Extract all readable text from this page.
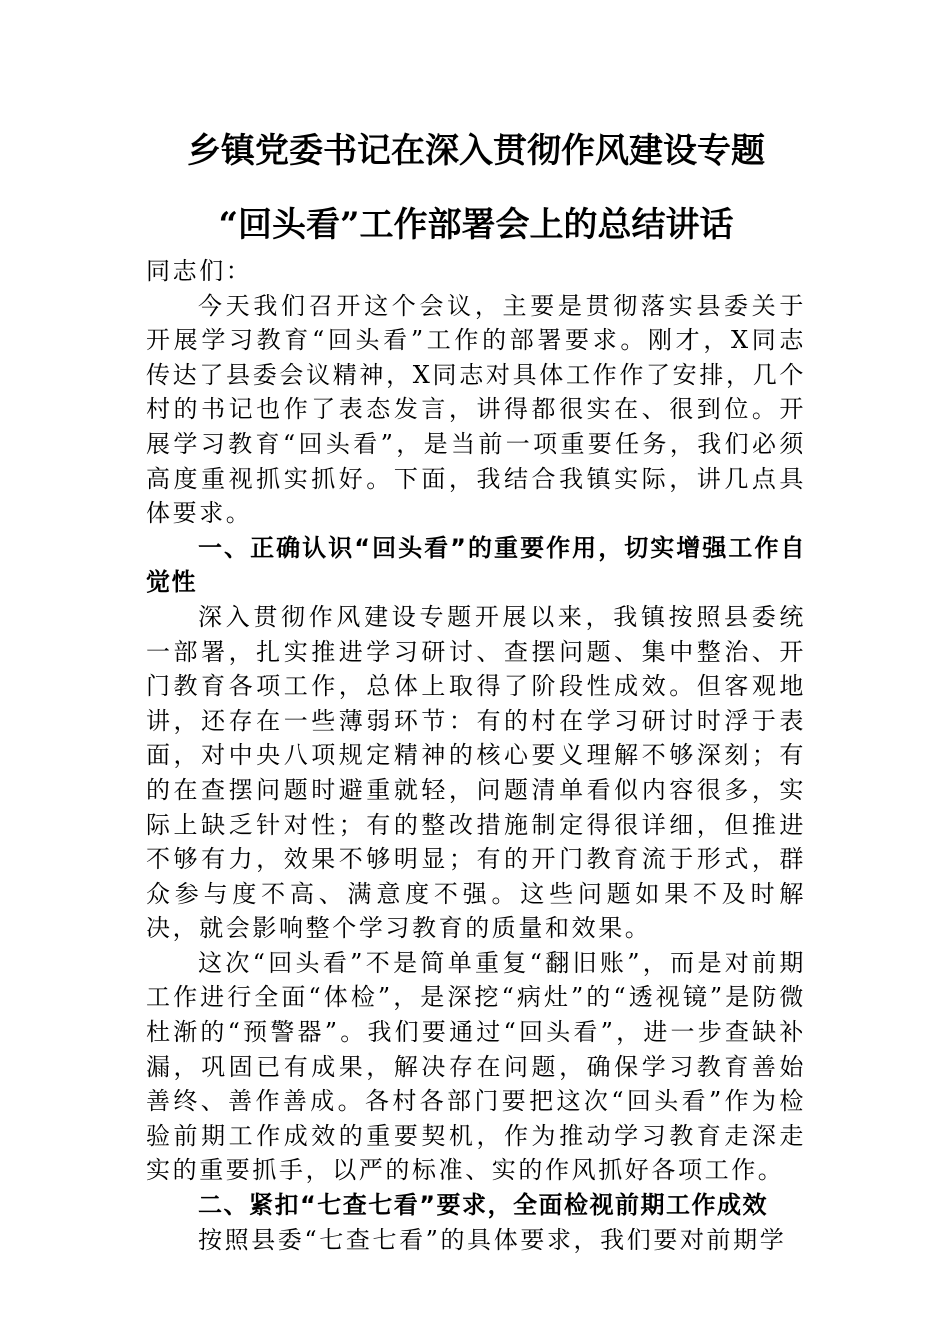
乡镇党委书记在深入贯彻作风建设专题
“回头看”工作部署会上的总结讲话
同志们：

今天我们召开这个会议，主要是贯彻落实县委关于开展学习教育“回头看”工作的部署要求。刚才，X同志传达了县委会议精神，X同志对具体工作作了安排，几个村的书记也作了表态发言，讲得都很实在、很到位。开展学习教育“回头看”，是当前一项重要任务，我们必须高度重视抓实抓好。下面，我结合我镇实际，讲几点具体要求。

一、正确认识“回头看”的重要作用，切实增强工作自觉性

深入贯彻作风建设专题开展以来，我镇按照县委统一部署，扎实推进学习研讨、查摆问题、集中整治、开门教育各项工作，总体上取得了阶段性成效。但客观地讲，还存在一些薄弱环节：有的村在学习研讨时浮于表面，对中央八项规定精神的核心要义理解不够深刻；有的在查摆问题时避重就轻，问题清单看似内容很多，实际上缺乏针对性；有的整改措施制定得很详细，但推进不够有力，效果不够明显；有的开门教育流于形式，群众参与度不高、满意度不强。这些问题如果不及时解决，就会影响整个学习教育的质量和效果。

这次“回头看”不是简单重复“翻旧账”，而是对前期工作进行全面“体检”，是深挖“病灶”的“透视镜”是防微杜渐的“预警器”。我们要通过“回头看”，进一步查缺补漏，巩固已有成果，解决存在问题，确保学习教育善始善终、善作善成。各村各部门要把这次“回头看”作为检验前期工作成效的重要契机，作为推动学习教育走深走实的重要抓手，以严的标准、实的作风抓好各项工作。

二、紧扣“七查七看”要求，全面检视前期工作成效

按照县委“七查七看”的具体要求，我们要对前期学
